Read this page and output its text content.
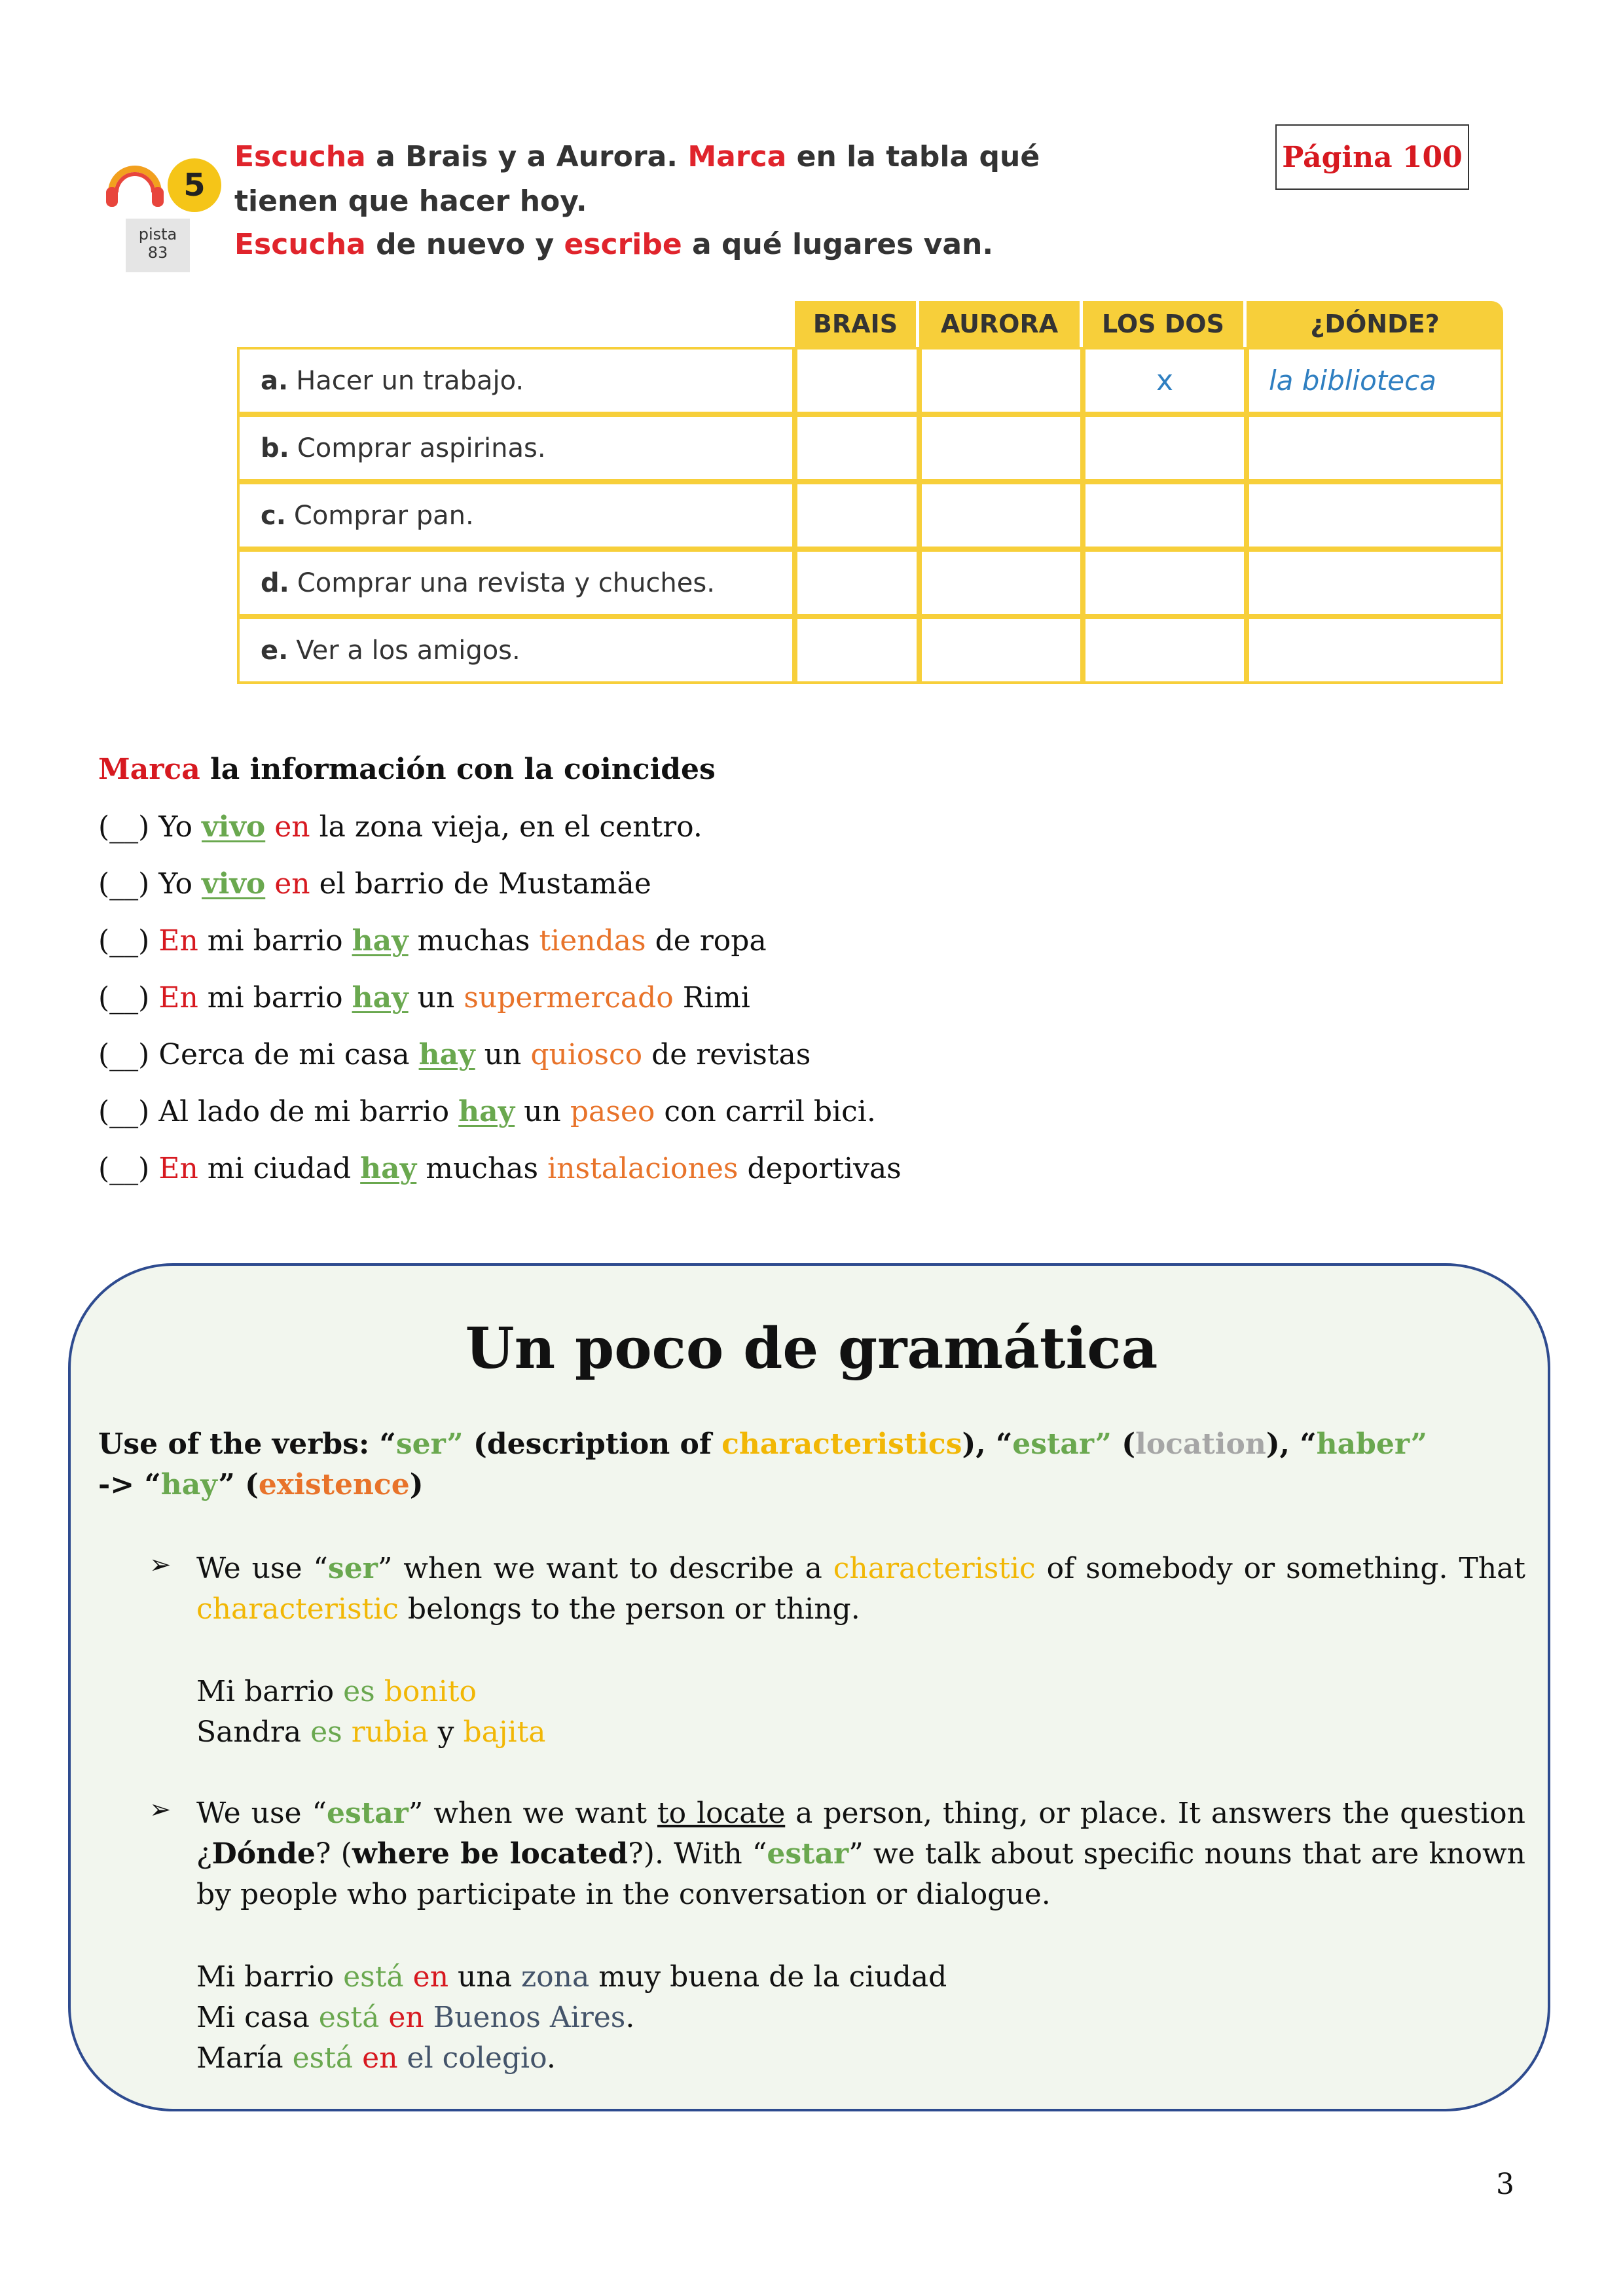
Página 100
5
pista
83
Escucha a Brais y a Aurora. Marca en la tabla qué
tienen que hacer hoy.
Escucha de nuevo y escribe a qué lugares van.
	BRAIS	AURORA	LOS DOS	¿DÓNDE?
a. Hacer un trabajo.			x	la biblioteca
b. Comprar aspirinas.				
c. Comprar pan.				
d. Comprar una revista y chuches.				
e. Ver a los amigos.				
Marca la información con la coincides
(__) Yo vivo en la zona vieja, en el centro.
(__) Yo vivo en el barrio de Mustamäe
(__) En mi barrio hay muchas tiendas de ropa
(__) En mi barrio hay un supermercado Rimi
(__) Cerca de mi casa hay un quiosco de revistas
(__) Al lado de mi barrio hay un paseo con carril bici.
(__) En mi ciudad hay muchas instalaciones deportivas
Un poco de gramática
Use of the verbs: “ser” (description of characteristics), “estar” (location), “haber”
-> “hay” (existence)
➢ We use “ser” when we want to describe a characteristic of somebody or something. That characteristic belongs to the person or thing.
Mi barrio es bonito
Sandra es rubia y bajita
➢ We use “estar” when we want to locate a person, thing, or place. It answers the question ¿Dónde? (where be located?). With “estar” we talk about specific nouns that are known by people who participate in the conversation or dialogue.
Mi barrio está en una zona muy buena de la ciudad
Mi casa está en Buenos Aires.
María está en el colegio.
3
